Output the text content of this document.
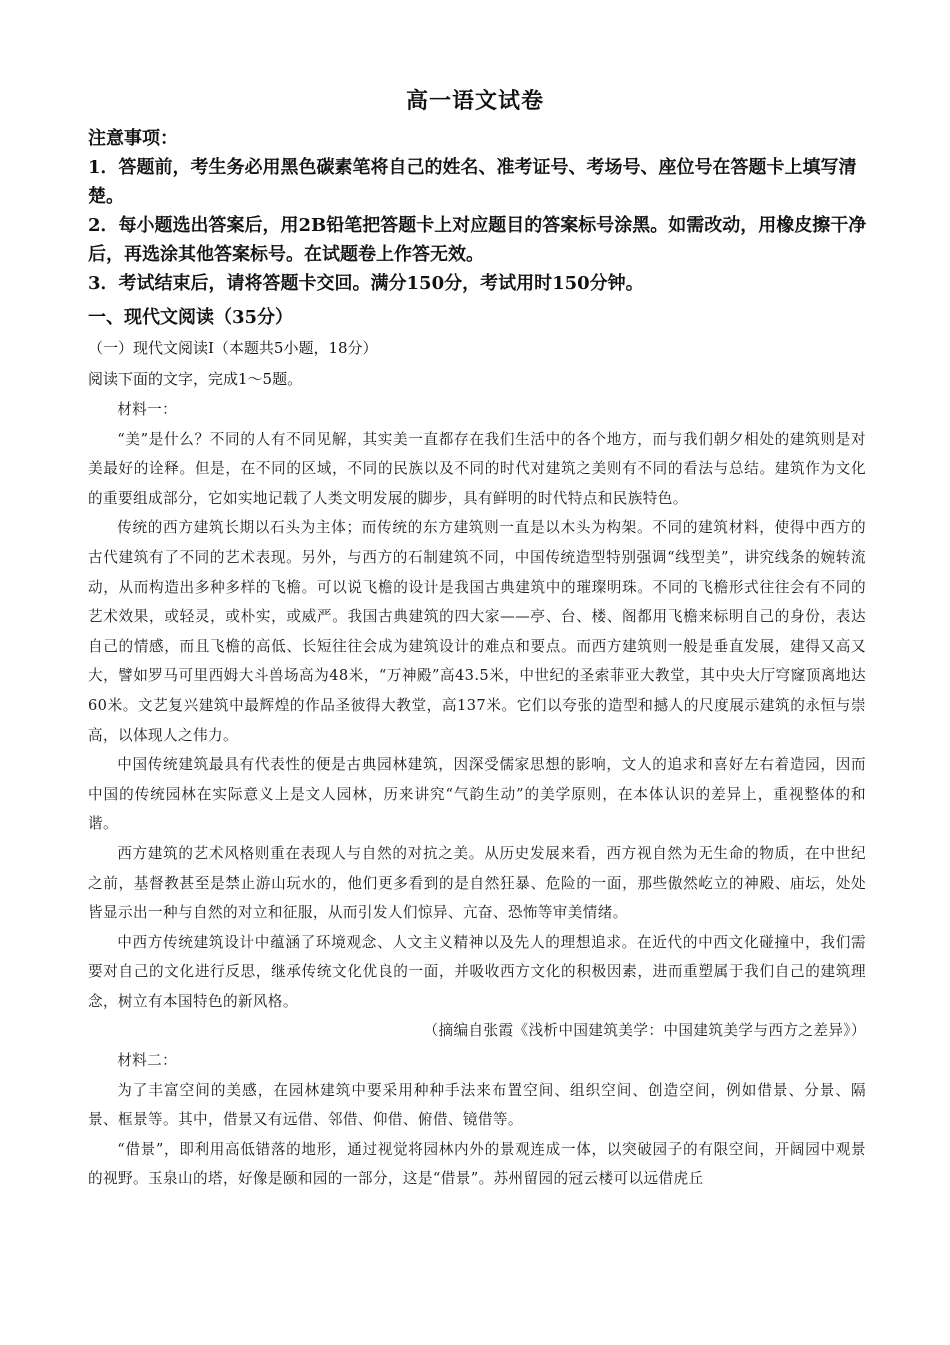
高一语文试卷

注意事项：

1．答题前，考生务必用黑色碳素笔将自己的姓名、准考证号、考场号、座位号在答题卡上填写清楚。

2．每小题选出答案后，用2B铅笔把答题卡上对应题目的答案标号涂黑。如需改动，用橡皮擦干净后，再选涂其他答案标号。在试题卷上作答无效。

3．考试结束后，请将答题卡交回。满分150分，考试用时150分钟。

一、现代文阅读（35分）
（一）现代文阅读Ⅰ（本题共5小题，18分）
阅读下面的文字，完成1～5题。

材料一：

“美”是什么？不同的人有不同见解，其实美一直都存在我们生活中的各个地方，而与我们朝夕相处的建筑则是对美最好的诠释。但是，在不同的区域，不同的民族以及不同的时代对建筑之美则有不同的看法与总结。建筑作为文化的重要组成部分，它如实地记载了人类文明发展的脚步，具有鲜明的时代特点和民族特色。

传统的西方建筑长期以石头为主体；而传统的东方建筑则一直是以木头为构架。不同的建筑材料，使得中西方的古代建筑有了不同的艺术表现。另外，与西方的石制建筑不同，中国传统造型特别强调“线型美”，讲究线条的婉转流动，从而构造出多种多样的飞檐。可以说飞檐的设计是我国古典建筑中的璀璨明珠。不同的飞檐形式往往会有不同的艺术效果，或轻灵，或朴实，或威严。我国古典建筑的四大家——亭、台、楼、阁都用飞檐来标明自己的身份，表达自己的情感，而且飞檐的高低、长短往往会成为建筑设计的难点和要点。而西方建筑则一般是垂直发展，建得又高又大，譬如罗马可里西姆大斗兽场高为48米，“万神殿”高43.5米，中世纪的圣索菲亚大教堂，其中央大厅穹窿顶离地达60米。文艺复兴建筑中最辉煌的作品圣彼得大教堂，高137米。它们以夸张的造型和撼人的尺度展示建筑的永恒与崇高，以体现人之伟力。

中国传统建筑最具有代表性的便是古典园林建筑，因深受儒家思想的影响，文人的追求和喜好左右着造园，因而中国的传统园林在实际意义上是文人园林，历来讲究“气韵生动”的美学原则，在本体认识的差异上，重视整体的和谐。

西方建筑的艺术风格则重在表现人与自然的对抗之美。从历史发展来看，西方视自然为无生命的物质，在中世纪之前，基督教甚至是禁止游山玩水的，他们更多看到的是自然狂暴、危险的一面，那些傲然屹立的神殿、庙坛，处处皆显示出一种与自然的对立和征服，从而引发人们惊异、亢奋、恐怖等审美情绪。

中西方传统建筑设计中蕴涵了环境观念、人文主义精神以及先人的理想追求。在近代的中西文化碰撞中，我们需要对自己的文化进行反思，继承传统文化优良的一面，并吸收西方文化的积极因素，进而重塑属于我们自己的建筑理念，树立有本国特色的新风格。

（摘编自张霞《浅析中国建筑美学：中国建筑美学与西方之差异》）

材料二：

为了丰富空间的美感，在园林建筑中要采用种种手法来布置空间、组织空间、创造空间，例如借景、分景、隔景、框景等。其中，借景又有远借、邻借、仰借、俯借、镜借等。

“借景”，即利用高低错落的地形，通过视觉将园林内外的景观连成一体，以突破园子的有限空间，开阔园中观景的视野。玉泉山的塔，好像是颐和园的一部分，这是“借景”。苏州留园的冠云楼可以远借虎丘
